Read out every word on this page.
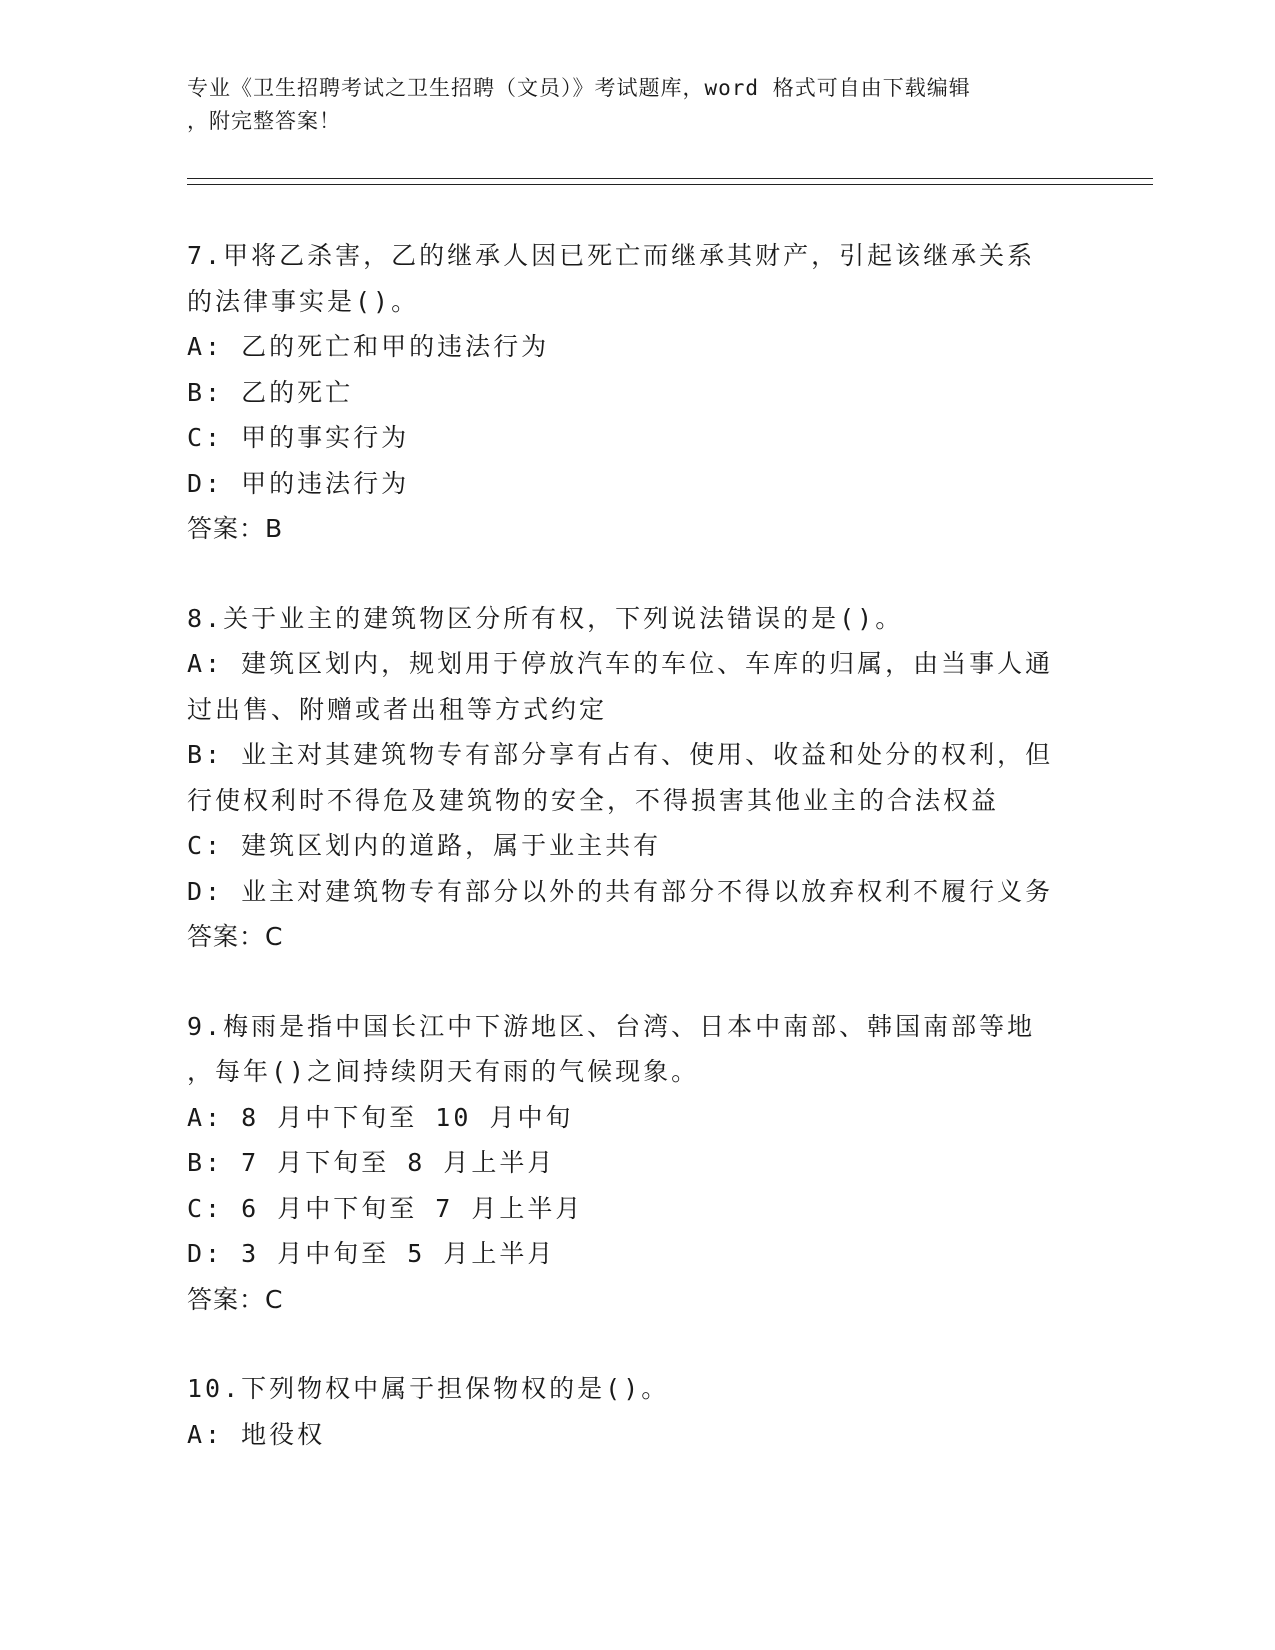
专业《卫生招聘考试之卫生招聘（文员）》考试题库，word 格式可自由下载编辑
，附完整答案！
7.甲将乙杀害，乙的继承人因已死亡而继承其财产，引起该继承关系
的法律事实是()。
A: 乙的死亡和甲的违法行为
B: 乙的死亡
C: 甲的事实行为
D: 甲的违法行为
答案：B
8.关于业主的建筑物区分所有权，下列说法错误的是()。
A: 建筑区划内，规划用于停放汽车的车位、车库的归属，由当事人通
过出售、附赠或者出租等方式约定
B: 业主对其建筑物专有部分享有占有、使用、收益和处分的权利，但
行使权利时不得危及建筑物的安全，不得损害其他业主的合法权益
C: 建筑区划内的道路，属于业主共有
D: 业主对建筑物专有部分以外的共有部分不得以放弃权利不履行义务
答案：C
9.梅雨是指中国长江中下游地区、台湾、日本中南部、韩国南部等地
，每年()之间持续阴天有雨的气候现象。
A: 8 月中下旬至 10 月中旬
B: 7 月下旬至 8 月上半月
C: 6 月中下旬至 7 月上半月
D: 3 月中旬至 5 月上半月
答案：C
10.下列物权中属于担保物权的是()。
A: 地役权
